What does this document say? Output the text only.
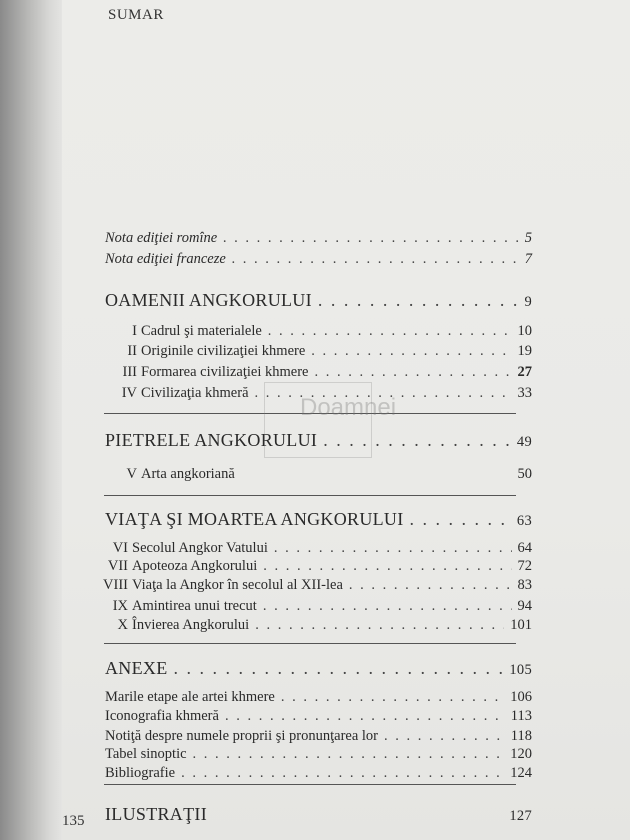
SUMAR
Nota ediţiei romîne . . .	5
Nota ediţiei franceze . . .	7
OAMENII ANGKORULUI . . .	9
I Cadrul şi materialele . . .	10
II Originile civilizaţiei khmere . . .	19
III Formarea civilizaţiei khmere . . .	27
IV Civilizaţia khmeră . . .	33
PIETRELE ANGKORULUI . . .	49
V Arta angkoriană	50
VIAŢA ŞI MOARTEA ANGKORULUI . . .	63
VI Secolul Angkor Vatului . . .	64
VII Apoteoza Angkorului . . .	72
VIII Viaţa la Angkor în secolul al XII-lea . . .	83
IX Amintirea unui trecut . . .	94
X Învierea Angkorului . . .	101
ANEXE . . .	105
Marile etape ale artei khmere . . .	106
Iconografia khmeră . . .	113
Notiţă despre numele proprii şi pronunţarea lor . . .	118
Tabel sinoptic . . .	120
Bibliografie . . .	124
ILUSTRAŢII	127
Doamnei
135
